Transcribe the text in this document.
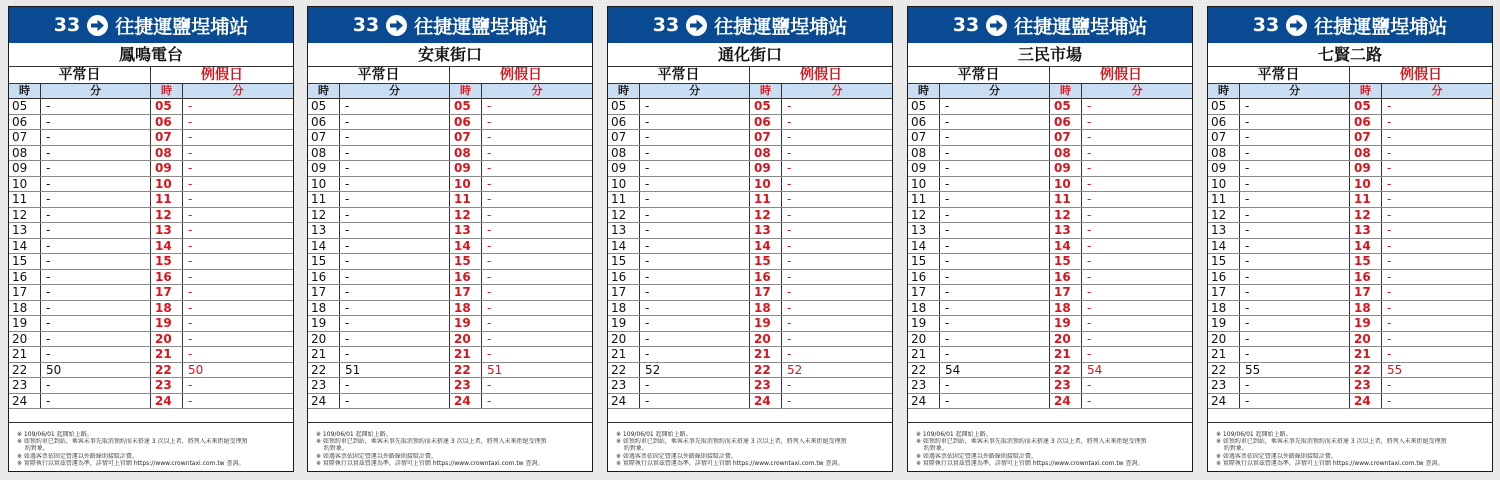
33 往捷運鹽埕埔站
鳳鳴電台
平常日	例假日
時	分	時	分
05	-	05	-
06	-	06	-
07	-	07	-
08	-	08	-
09	-	09	-
10	-	10	-
11	-	11	-
12	-	12	-
13	-	13	-
14	-	14	-
15	-	15	-
16	-	16	-
17	-	17	-
18	-	18	-
19	-	19	-
20	-	20	-
21	-	21	-
22	50	22	50
23	-	23	-
24	-	24	-
※ 109/06/01 起開始上路。
※ 如預約車已到站，乘客未事先取消預約而未搭達 3 次以上者，將列入未來拒絕受理預
　 約對象。
※ 如遇客票依固定營運以外路線則接駁計費。
※ 實際執行以實茲營運為準，詳情可上官網 https://www.crowntaxi.com.tw 查詢。
33 往捷運鹽埕埔站
安東街口
平常日	例假日
時	分	時	分
05	-	05	-
06	-	06	-
07	-	07	-
08	-	08	-
09	-	09	-
10	-	10	-
11	-	11	-
12	-	12	-
13	-	13	-
14	-	14	-
15	-	15	-
16	-	16	-
17	-	17	-
18	-	18	-
19	-	19	-
20	-	20	-
21	-	21	-
22	51	22	51
23	-	23	-
24	-	24	-
※ 109/06/01 起開始上路。
※ 如預約車已到站，乘客未事先取消預約而未搭達 3 次以上者，將列入未來拒絕受理預
　 約對象。
※ 如遇客票依固定營運以外路線則接駁計費。
※ 實際執行以實茲營運為準，詳情可上官網 https://www.crowntaxi.com.tw 查詢。
33 往捷運鹽埕埔站
通化街口
平常日	例假日
時	分	時	分
05	-	05	-
06	-	06	-
07	-	07	-
08	-	08	-
09	-	09	-
10	-	10	-
11	-	11	-
12	-	12	-
13	-	13	-
14	-	14	-
15	-	15	-
16	-	16	-
17	-	17	-
18	-	18	-
19	-	19	-
20	-	20	-
21	-	21	-
22	52	22	52
23	-	23	-
24	-	24	-
※ 109/06/01 起開始上路。
※ 如預約車已到站，乘客未事先取消預約而未搭達 3 次以上者，將列入未來拒絕受理預
　 約對象。
※ 如遇客票依固定營運以外路線則接駁計費。
※ 實際執行以實茲營運為準，詳情可上官網 https://www.crowntaxi.com.tw 查詢。
33 往捷運鹽埕埔站
三民市場
平常日	例假日
時	分	時	分
05	-	05	-
06	-	06	-
07	-	07	-
08	-	08	-
09	-	09	-
10	-	10	-
11	-	11	-
12	-	12	-
13	-	13	-
14	-	14	-
15	-	15	-
16	-	16	-
17	-	17	-
18	-	18	-
19	-	19	-
20	-	20	-
21	-	21	-
22	54	22	54
23	-	23	-
24	-	24	-
※ 109/06/01 起開始上路。
※ 如預約車已到站，乘客未事先取消預約而未搭達 3 次以上者，將列入未來拒絕受理預
　 約對象。
※ 如遇客票依固定營運以外路線則接駁計費。
※ 實際執行以實茲營運為準，詳情可上官網 https://www.crowntaxi.com.tw 查詢。
33 往捷運鹽埕埔站
七賢二路
平常日	例假日
時	分	時	分
05	-	05	-
06	-	06	-
07	-	07	-
08	-	08	-
09	-	09	-
10	-	10	-
11	-	11	-
12	-	12	-
13	-	13	-
14	-	14	-
15	-	15	-
16	-	16	-
17	-	17	-
18	-	18	-
19	-	19	-
20	-	20	-
21	-	21	-
22	55	22	55
23	-	23	-
24	-	24	-
※ 109/06/01 起開始上路。
※ 如預約車已到站，乘客未事先取消預約而未搭達 3 次以上者，將列入未來拒絕受理預
　 約對象。
※ 如遇客票依固定營運以外路線則接駁計費。
※ 實際執行以實茲營運為準，詳情可上官網 https://www.crowntaxi.com.tw 查詢。
